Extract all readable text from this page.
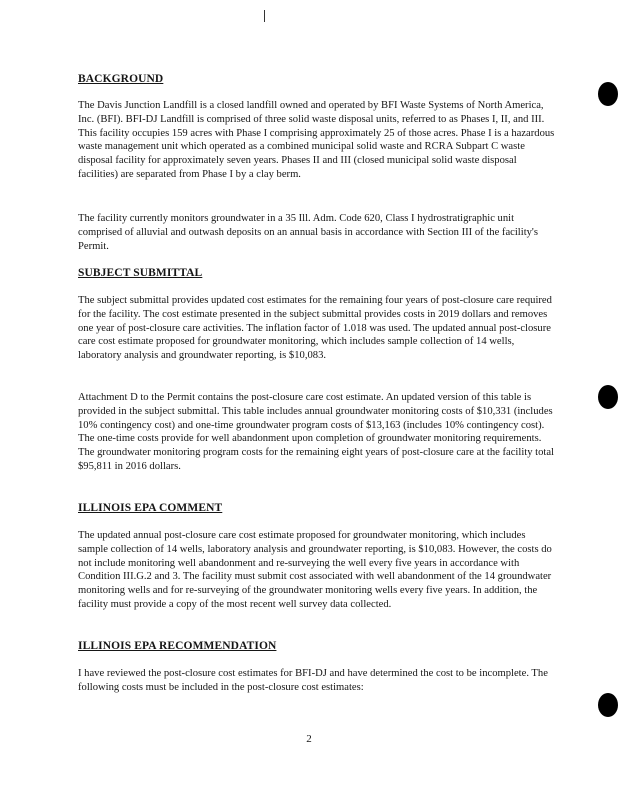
BACKGROUND

The Davis Junction Landfill is a closed landfill owned and operated by BFI Waste Systems of North America, Inc. (BFI). BFI-DJ Landfill is comprised of three solid waste disposal units, referred to as Phases I, II, and III. This facility occupies 159 acres with Phase I comprising approximately 25 of those acres. Phase I is a hazardous waste management unit which operated as a combined municipal solid waste and RCRA Subpart C waste disposal facility for approximately seven years. Phases II and III (closed municipal solid waste disposal facilities) are separated from Phase I by a clay berm.

The facility currently monitors groundwater in a 35 Ill. Adm. Code 620, Class I hydrostratigraphic unit comprised of alluvial and outwash deposits on an annual basis in accordance with Section III of the facility's Permit.

SUBJECT SUBMITTAL

The subject submittal provides updated cost estimates for the remaining four years of post-closure care required for the facility. The cost estimate presented in the subject submittal provides costs in 2019 dollars and removes one year of post-closure care activities. The inflation factor of 1.018 was used. The updated annual post-closure care cost estimate proposed for groundwater monitoring, which includes sample collection of 14 wells, laboratory analysis and groundwater reporting, is $10,083.

Attachment D to the Permit contains the post-closure care cost estimate. An updated version of this table is provided in the subject submittal. This table includes annual groundwater monitoring costs of $10,331 (includes 10% contingency cost) and one-time groundwater program costs of $13,163 (includes 10% contingency cost). The one-time costs provide for well abandonment upon completion of groundwater monitoring requirements. The groundwater monitoring program costs for the remaining eight years of post-closure care at the facility total $95,811 in 2016 dollars.

ILLINOIS EPA COMMENT

The updated annual post-closure care cost estimate proposed for groundwater monitoring, which includes sample collection of 14 wells, laboratory analysis and groundwater reporting, is $10,083. However, the costs do not include monitoring well abandonment and re-surveying the well every five years in accordance with Condition III.G.2 and 3. The facility must submit cost associated with well abandonment of the 14 groundwater monitoring wells and for re-surveying of the groundwater monitoring wells every five years. In addition, the facility must provide a copy of the most recent well survey data collected.

ILLINOIS EPA RECOMMENDATION

I have reviewed the post-closure cost estimates for BFI-DJ and have determined the cost to be incomplete. The following costs must be included in the post-closure cost estimates:

2
